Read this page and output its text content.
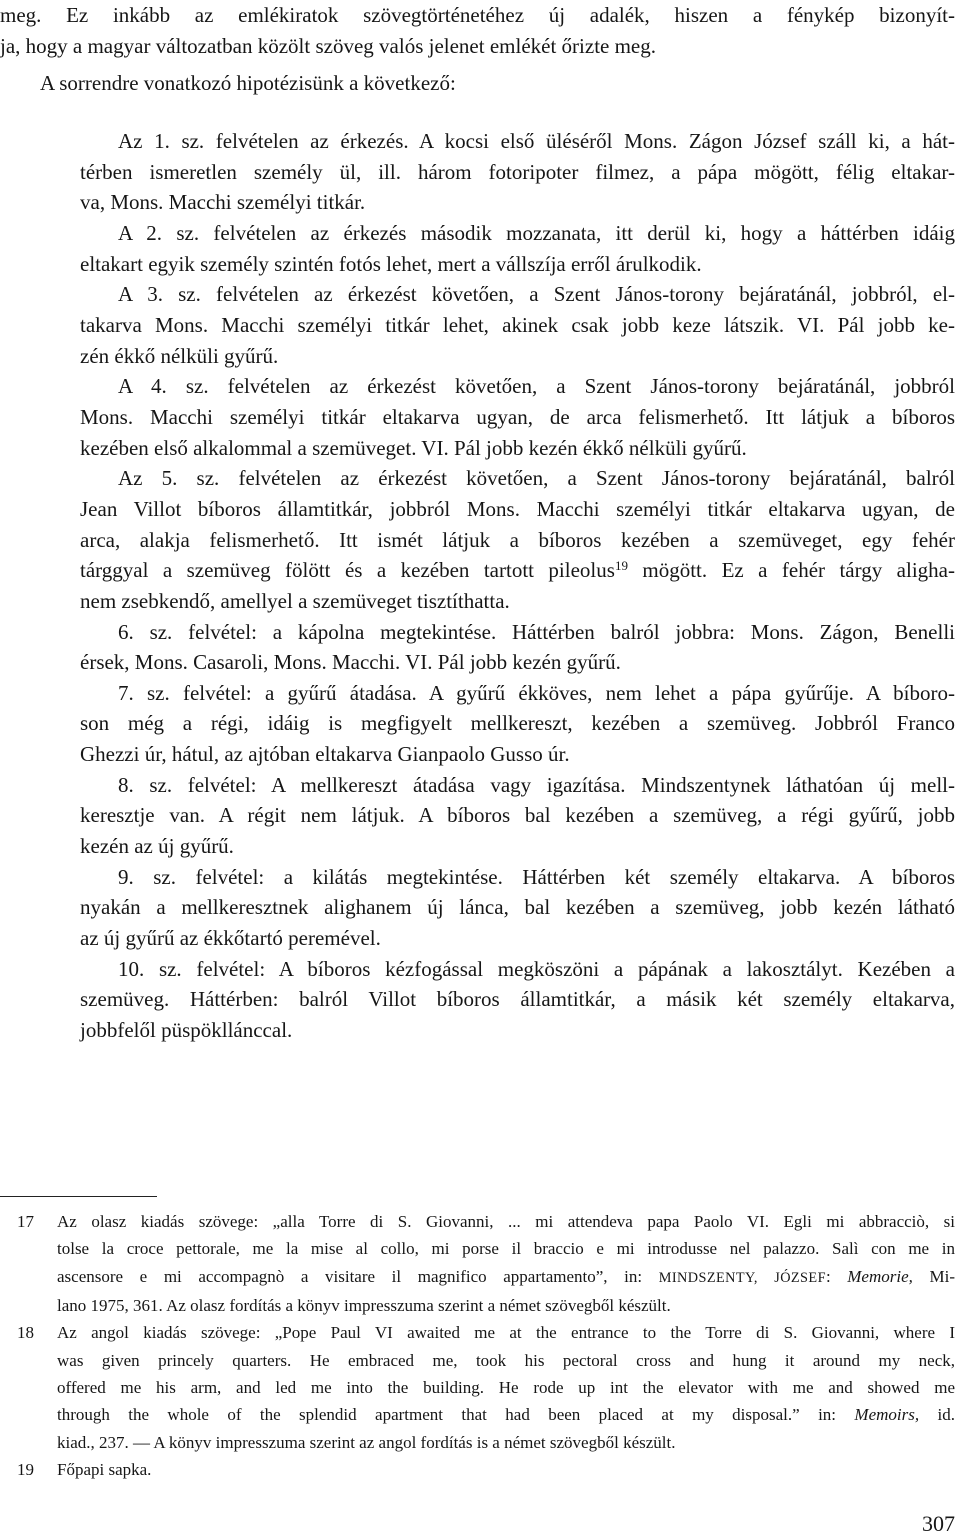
meg. Ez inkább az emlékiratok szövegtörténetéhez új adalék, hiszen a fénykép bizonyít-
ja, hogy a magyar változatban közölt szöveg valós jelenet emlékét őrizte meg.
A sorrendre vonatkozó hipotézisünk a következő:
Az 1. sz. felvételen az érkezés. A kocsi első üléséről Mons. Zágon József száll ki, a hát-
térben ismeretlen személy ül, ill. három fotoripoter filmez, a pápa mögött, félig eltakar-
va, Mons. Macchi személyi titkár.
A 2. sz. felvételen az érkezés második mozzanata, itt derül ki, hogy a háttérben idáig
eltakart egyik személy szintén fotós lehet, mert a vállszíja erről árulkodik.
A 3. sz. felvételen az érkezést követően, a Szent János-torony bejáratánál, jobbról, el-
takarva Mons. Macchi személyi titkár lehet, akinek csak jobb keze látszik. VI. Pál jobb ke-
zén ékkő nélküli gyűrű.
A 4. sz. felvételen az érkezést követően, a Szent János-torony bejáratánál, jobbról
Mons. Macchi személyi titkár eltakarva ugyan, de arca felismerhető. Itt látjuk a bíboros
kezében első alkalommal a szemüveget. VI. Pál jobb kezén ékkő nélküli gyűrű.
Az 5. sz. felvételen az érkezést követően, a Szent János-torony bejáratánál, balról
Jean Villot bíboros államtitkár, jobbról Mons. Macchi személyi titkár eltakarva ugyan, de
arca, alakja felismerhető. Itt ismét látjuk a bíboros kezében a szemüveget, egy fehér
tárggyal a szemüveg fölött és a kezében tartott pileolus$^{19}$ mögött. Ez a fehér tárgy aligha-
nem zsebkendő, amellyel a szemüveget tisztíthatta.
6. sz. felvétel: a kápolna megtekintése. Háttérben balról jobbra: Mons. Zágon, Benelli
érsek, Mons. Casaroli, Mons. Macchi. VI. Pál jobb kezén gyűrű.
7. sz. felvétel: a gyűrű átadása. A gyűrű ékköves, nem lehet a pápa gyűrűje. A bíboro-
son még a régi, idáig is megfigyelt mellkereszt, kezében a szemüveg. Jobbról Franco
Ghezzi úr, hátul, az ajtóban eltakarva Gianpaolo Gusso úr.
8. sz. felvétel: A mellkereszt átadása vagy igazítása. Mindszentynek láthatóan új mell-
keresztje van. A régit nem látjuk. A bíboros bal kezében a szemüveg, a régi gyűrű, jobb
kezén az új gyűrű.
9. sz. felvétel: a kilátás megtekintése. Háttérben két személy eltakarva. A bíboros
nyakán a mellkeresztnek alighanem új lánca, bal kezében a szemüveg, jobb kezén látható
az új gyűrű az ékkőtartó peremével.
10. sz. felvétel: A bíboros kézfogással megköszöni a pápának a lakosztályt. Kezében a
szemüveg. Háttérben: balról Villot bíboros államtitkár, a másik két személy eltakarva,
jobbfelől püspökllánccal.
17 Az olasz kiadás szövege: „alla Torre di S. Giovanni, ... mi attendeva papa Paolo VI. Egli mi abbracciò, si
tolse la croce pettorale, me la mise al collo, mi porse il braccio e mi introdusse nel palazzo. Salì con me in
ascensore e mi accompagnò a visitare il magnifico appartamento”, in: MINDSZENTY, JÓZSEF: Memorie, Mi-
lano 1975, 361. Az olasz fordítás a könyv impresszuma szerint a német szövegből készült.
18 Az angol kiadás szövege: „Pope Paul VI awaited me at the entrance to the Torre di S. Giovanni, where I
was given princely quarters. He embraced me, took his pectoral cross and hung it around my neck,
offered me his arm, and led me into the building. He rode up int the elevator with me and showed me
through the whole of the splendid apartment that had been placed at my disposal.” in: Memoirs, id.
kiad., 237. — A könyv impresszuma szerint az angol fordítás is a német szövegből készült.
19 Főpapi sapka.
307
